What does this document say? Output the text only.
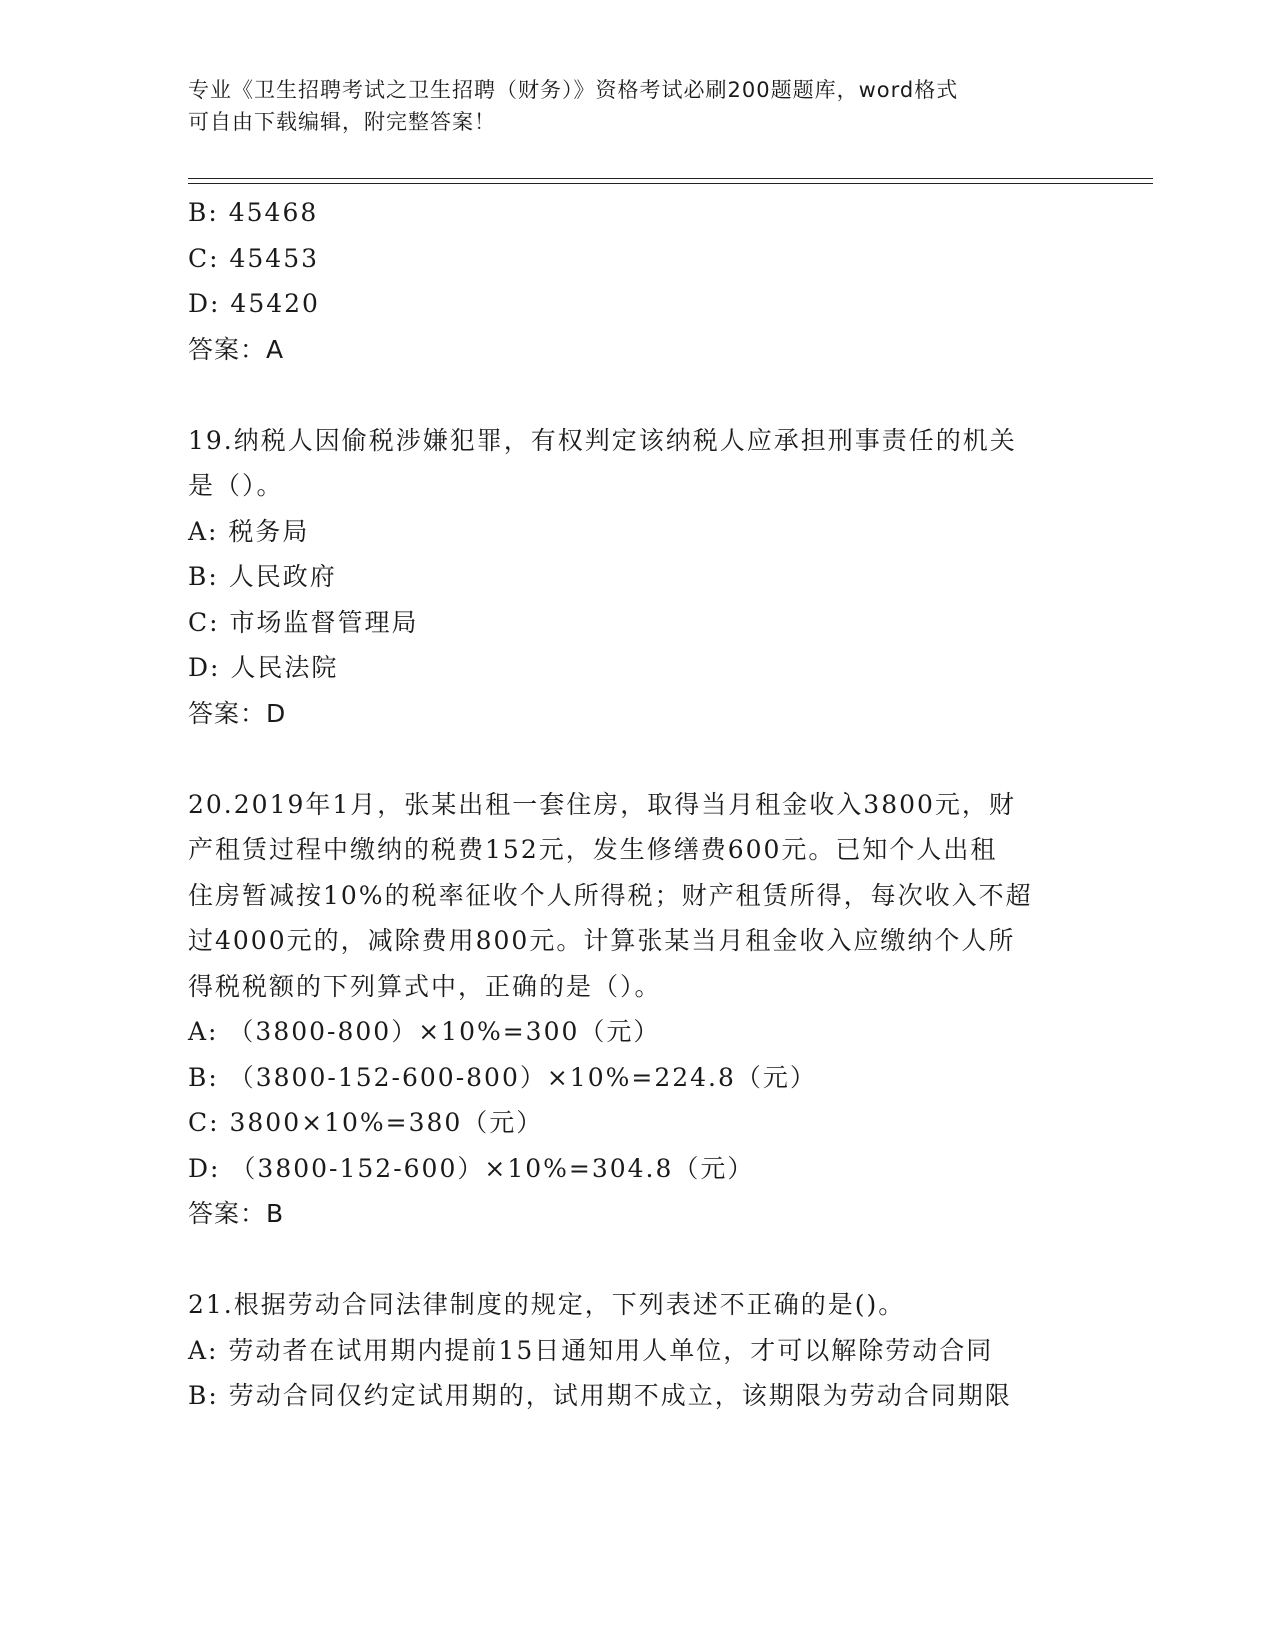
专业《卫生招聘考试之卫生招聘（财务）》资格考试必刷200题题库，word格式
可自由下载编辑，附完整答案！
B: 45468
C: 45453
D: 45420
答案：A
19.纳税人因偷税涉嫌犯罪，有权判定该纳税人应承担刑事责任的机关
是（）。
A: 税务局
B: 人民政府
C: 市场监督管理局
D: 人民法院
答案：D
20.2019年1月，张某出租一套住房，取得当月租金收入3800元，财
产租赁过程中缴纳的税费152元，发生修缮费600元。已知个人出租
住房暂减按10%的税率征收个人所得税；财产租赁所得，每次收入不超
过4000元的，减除费用800元。计算张某当月租金收入应缴纳个人所
得税税额的下列算式中，正确的是（）。
A: （3800-800）×10%=300（元）
B: （3800-152-600-800）×10%=224.8（元）
C: 3800×10%=380（元）
D: （3800-152-600）×10%=304.8（元）
答案：B
21.根据劳动合同法律制度的规定，下列表述不正确的是()。
A: 劳动者在试用期内提前15日通知用人单位，才可以解除劳动合同
B: 劳动合同仅约定试用期的，试用期不成立，该期限为劳动合同期限
